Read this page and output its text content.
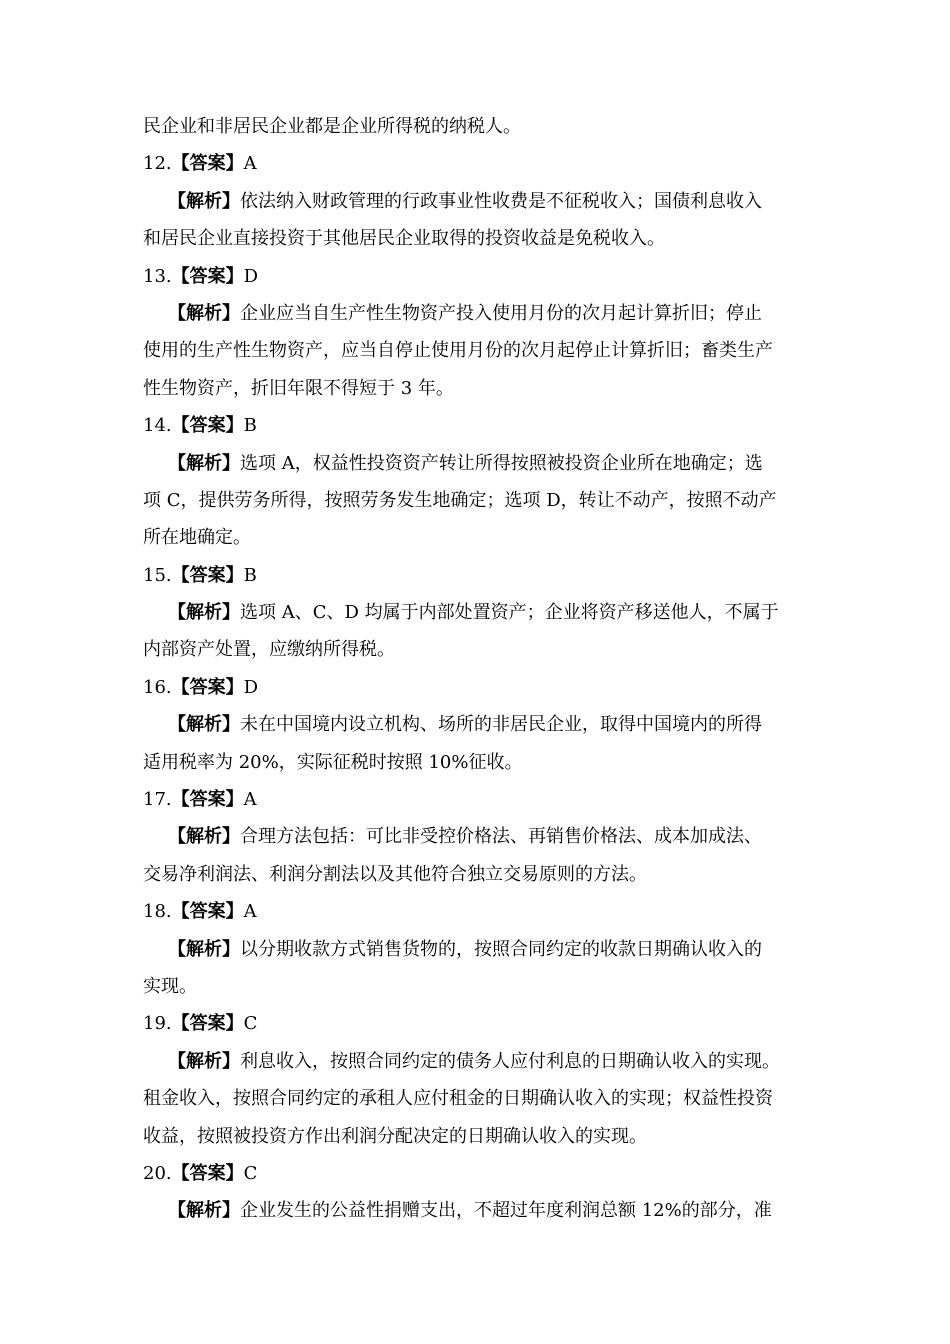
民企业和非居民企业都是企业所得税的纳税人。
12.【答案】A
【解析】依法纳入财政管理的行政事业性收费是不征税收入；国债利息收入
和居民企业直接投资于其他居民企业取得的投资收益是免税收入。
13.【答案】D
【解析】企业应当自生产性生物资产投入使用月份的次月起计算折旧；停止
使用的生产性生物资产，应当自停止使用月份的次月起停止计算折旧；畜类生产
性生物资产，折旧年限不得短于 3 年。
14.【答案】B
【解析】选项 A，权益性投资资产转让所得按照被投资企业所在地确定；选
项 C，提供劳务所得，按照劳务发生地确定；选项 D，转让不动产，按照不动产
所在地确定。
15.【答案】B
【解析】选项 A、C、D 均属于内部处置资产；企业将资产移送他人，不属于
内部资产处置，应缴纳所得税。
16.【答案】D
【解析】未在中国境内设立机构、场所的非居民企业，取得中国境内的所得
适用税率为 20%，实际征税时按照 10%征收。
17.【答案】A
【解析】合理方法包括：可比非受控价格法、再销售价格法、成本加成法、
交易净利润法、利润分割法以及其他符合独立交易原则的方法。
18.【答案】A
【解析】以分期收款方式销售货物的，按照合同约定的收款日期确认收入的
实现。
19.【答案】C
【解析】利息收入，按照合同约定的债务人应付利息的日期确认收入的实现。
租金收入，按照合同约定的承租人应付租金的日期确认收入的实现；权益性投资
收益，按照被投资方作出利润分配决定的日期确认收入的实现。
20.【答案】C
【解析】企业发生的公益性捐赠支出，不超过年度利润总额 12%的部分，准
